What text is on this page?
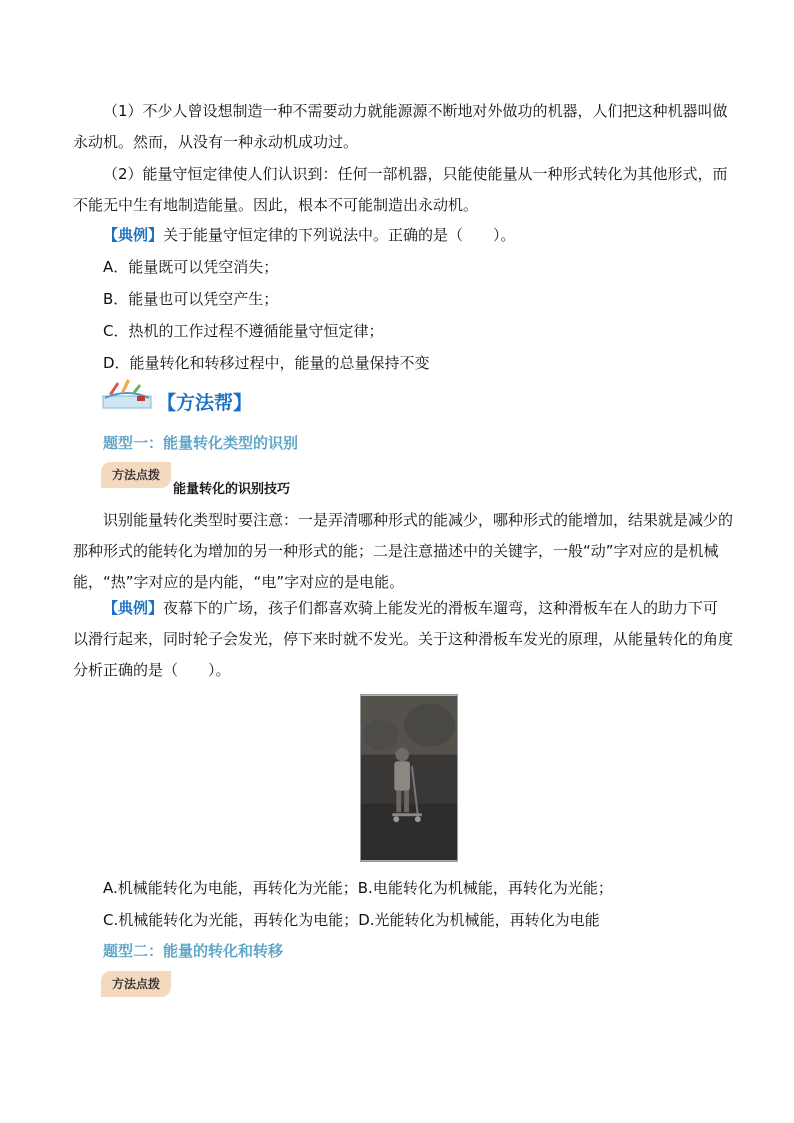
（1）不少人曾设想制造一种不需要动力就能源源不断地对外做功的机器，人们把这种机器叫做永动机。然而，从没有一种永动机成功过。

（2）能量守恒定律使人们认识到：任何一部机器，只能使能量从一种形式转化为其他形式，而不能无中生有地制造能量。因此，根本不可能制造出永动机。

【典例】关于能量守恒定律的下列说法中。正确的是（　　）。

A．能量既可以凭空消失；

B．能量也可以凭空产生；

C．热机的工作过程不遵循能量守恒定律；

D．能量转化和转移过程中，能量的总量保持不变

【方法帮】

题型一：能量转化类型的识别

方法点拨
能量转化的识别技巧

识别能量转化类型时要注意：一是弄清哪种形式的能减少，哪种形式的能增加，结果就是减少的那种形式的能转化为增加的另一种形式的能；二是注意描述中的关键字，一般“动”字对应的是机械能，“热”字对应的是内能，“电”字对应的是电能。

【典例】夜幕下的广场，孩子们都喜欢骑上能发光的滑板车遛弯，这种滑板车在人的助力下可以滑行起来，同时轮子会发光，停下来时就不发光。关于这种滑板车发光的原理，从能量转化的角度分析正确的是（　　）。

A.机械能转化为电能，再转化为光能；B.电能转化为机械能，再转化为光能；

C.机械能转化为光能，再转化为电能；D.光能转化为机械能，再转化为电能

题型二：能量的转化和转移

方法点拨
